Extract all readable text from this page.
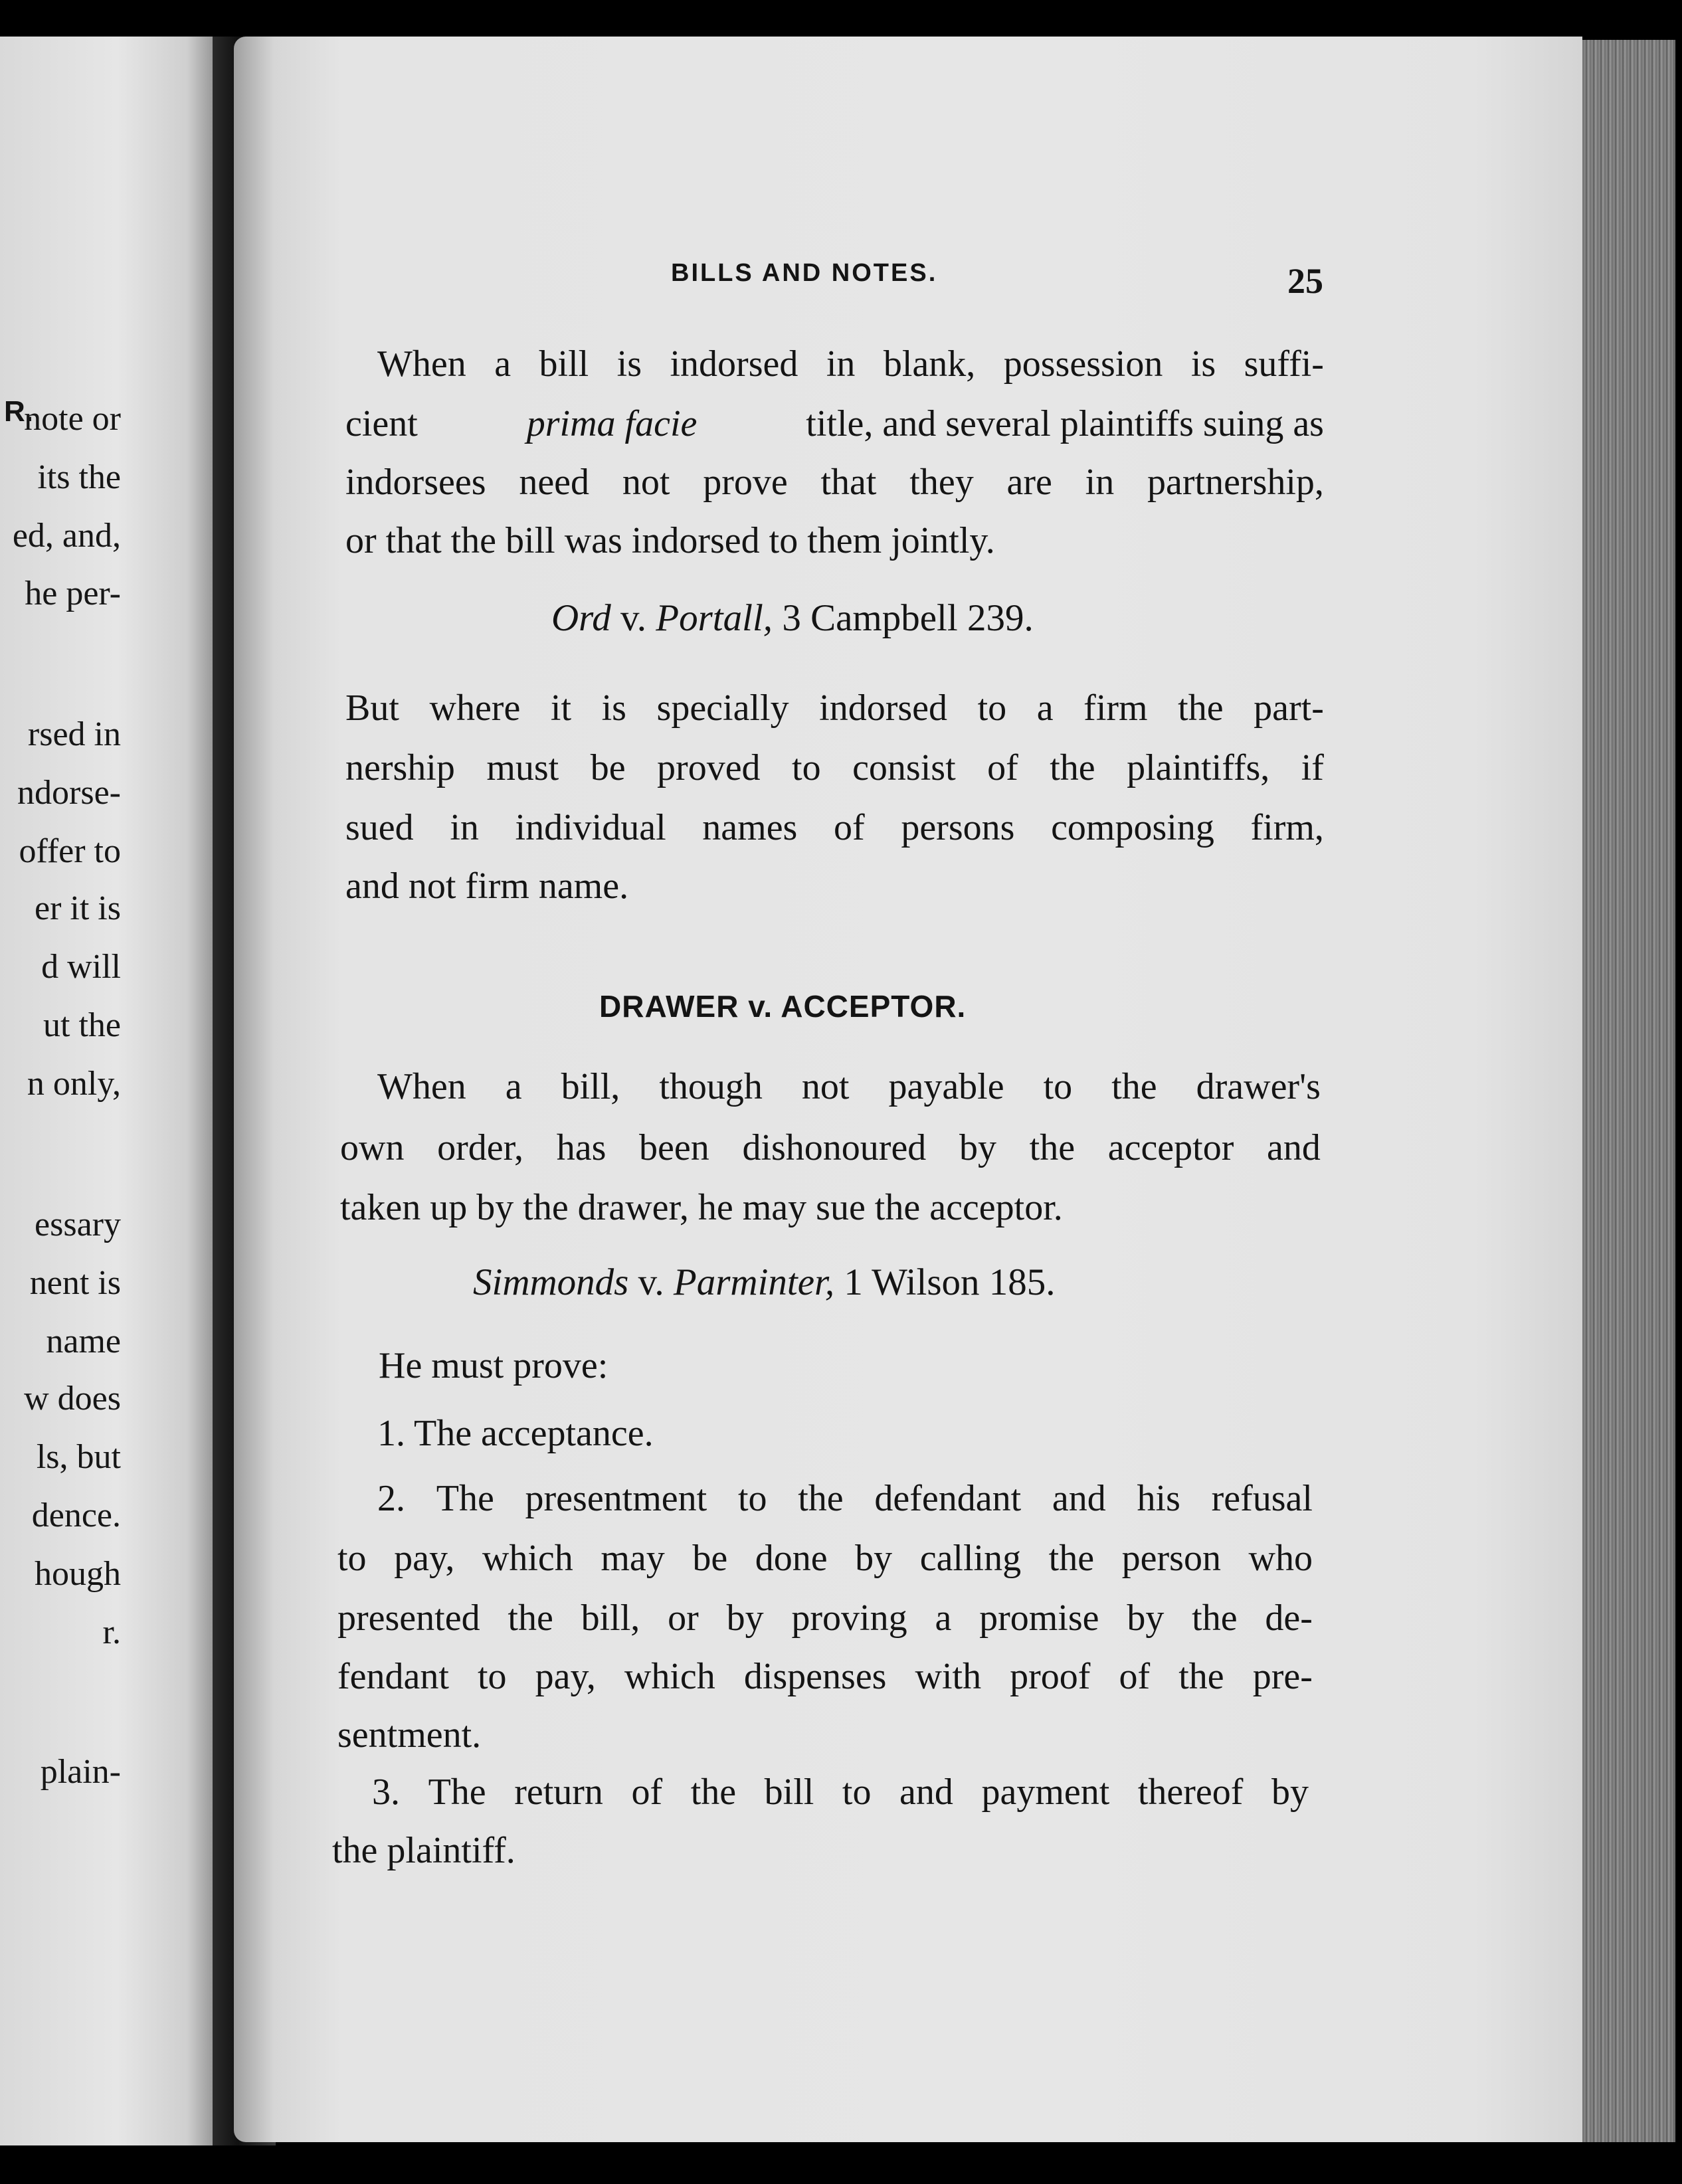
R.
note or
its the
ed, and,
he per-
rsed in
ndorse-
offer to
er it is
d will
ut the
n only,
essary
nent is
name
w does
ls, but
dence.
hough
r.
plain-
BILLS AND NOTES.	25
When a bill is indorsed in blank, possession is suffi-
cient	prima facie	title, and several plaintiffs suing as
indorsees need not prove that they are in partnership,
or that the bill was indorsed to them jointly.
Ord v. Portall, 3 Campbell 239.
But where it is specially indorsed to a firm the part-
nership must be proved to consist of the plaintiffs, if
sued in individual names of persons composing firm,
and not firm name.
DRAWER v. ACCEPTOR.
When a bill, though not payable to the drawer's
own order, has been dishonoured by the acceptor and
taken up by the drawer, he may sue the acceptor.
Simmonds v. Parminter, 1 Wilson 185.
He must prove:
1. The acceptance.
2. The presentment to the defendant and his refusal
to pay, which may be done by calling the person who
presented the bill, or by proving a promise by the de-
fendant to pay, which dispenses with proof of the pre-
sentment.
3. The return of the bill to and payment thereof by
the plaintiff.
